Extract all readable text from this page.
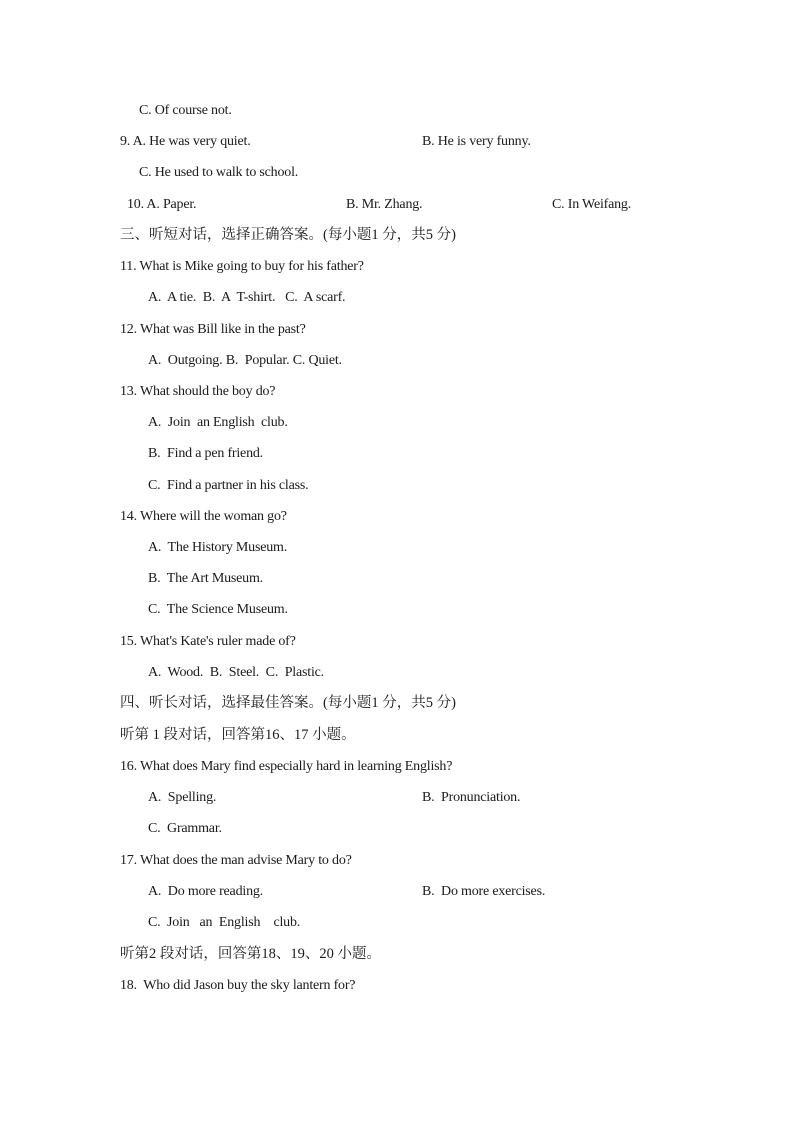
C. Of course not.
9. A. He was very quiet.	B. He is very funny.
C. He used to walk to school.
10. A. Paper.	B. Mr. Zhang.	C. In Weifang.
三、听短对话，选择正确答案。(每小题1 分，共5 分)
11. What is Mike going to buy for his father?
A.  A tie.  B.  A  T-shirt.   C.  A scarf.
12. What was Bill like in the past?
A.  Outgoing. B.  Popular. C. Quiet.
13. What should the boy do?
A.  Join  an English  club.
B.  Find a pen friend.
C.  Find a partner in his class.
14. Where will the woman go?
A.  The History Museum.
B.  The Art Museum.
C.  The Science Museum.
15. What's Kate's ruler made of?
A.  Wood.  B.  Steel.  C.  Plastic.
四、听长对话，选择最佳答案。(每小题1 分，共5 分)
听第 1 段对话，回答第16、17 小题。
16. What does Mary find especially hard in learning English?
A.  Spelling.	B.  Pronunciation.
C.  Grammar.
17. What does the man advise Mary to do?
A.  Do more reading.	B.  Do more exercises.
C.  Join   an  English    club.
听第2 段对话，回答第18、19、20 小题。
18.  Who did Jason buy the sky lantern for?
